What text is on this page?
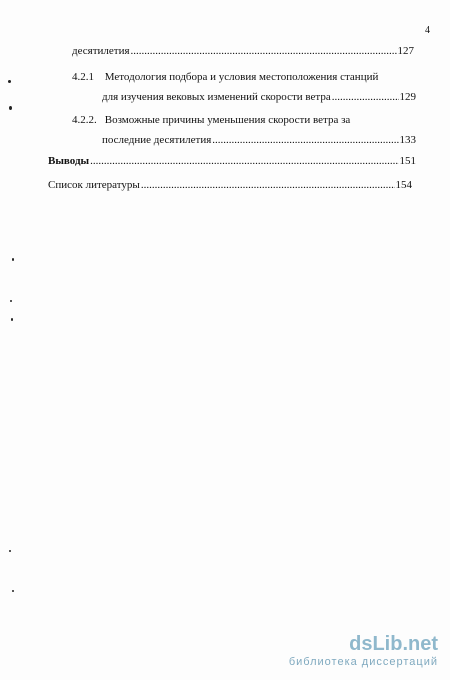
4
десятилетия .....	127
4.2.1 Методология подбора и условия местоположения станций
для изучения вековых изменений скорости ветра .....	129
4.2.2. Возможные причины уменьшения скорости ветра за
последние десятилетия .....	133
Выводы .....	151
Список литературы .....	154
dsLib.net
библиотека диссертаций
